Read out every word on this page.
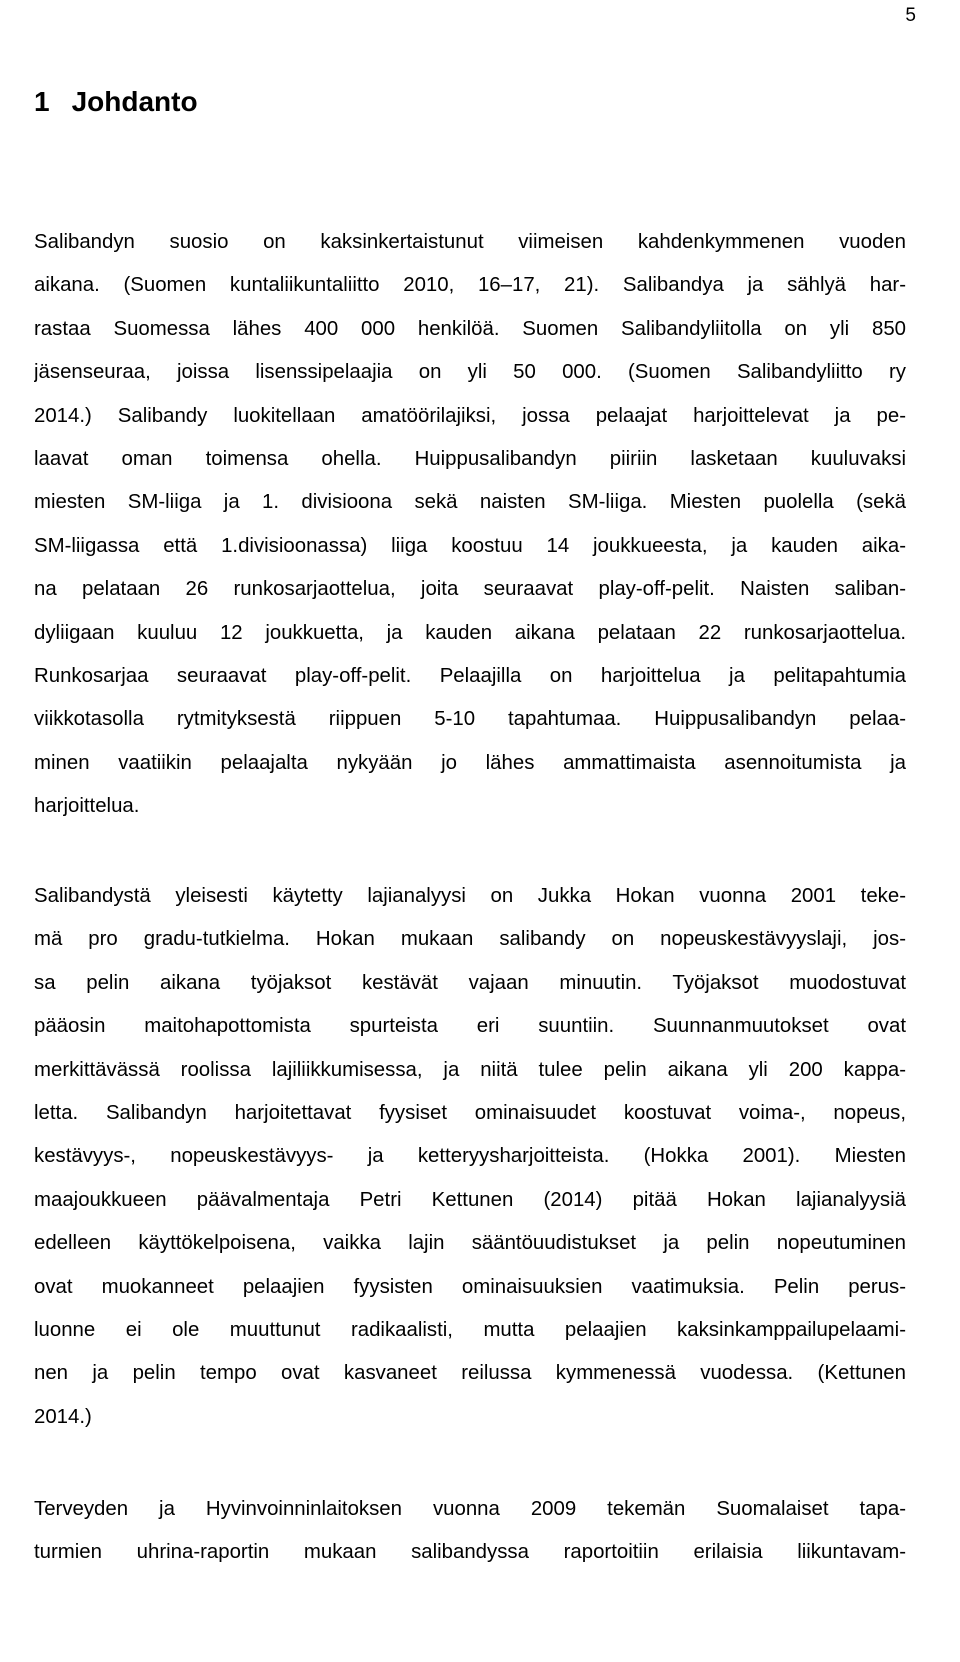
5
1 Johdanto
Salibandyn suosio on kaksinkertaistunut viimeisen kahdenkymmenen vuoden
aikana. (Suomen kuntaliikuntaliitto 2010, 16–17, 21). Salibandya ja sählyä har-
rastaa Suomessa lähes 400 000 henkilöä. Suomen Salibandyliitolla on yli 850
jäsenseuraa, joissa lisenssipelaajia on yli 50 000. (Suomen Salibandyliitto ry
2014.) Salibandy luokitellaan amatöörilajiksi, jossa pelaajat harjoittelevat ja pe-
laavat oman toimensa ohella. Huippusalibandyn piiriin lasketaan kuuluvaksi
miesten SM-liiga ja 1. divisioona sekä naisten SM-liiga. Miesten puolella (sekä
SM-liigassa että 1.divisioonassa) liiga koostuu 14 joukkueesta, ja kauden aika-
na pelataan 26 runkosarjaottelua, joita seuraavat play-off-pelit. Naisten saliban-
dyliigaan kuuluu 12 joukkuetta, ja kauden aikana pelataan 22 runkosarjaottelua.
Runkosarjaa seuraavat play-off-pelit. Pelaajilla on harjoittelua ja pelitapahtumia
viikkotasolla rytmityksestä riippuen 5-10 tapahtumaa. Huippusalibandyn pelaa-
minen vaatiikin pelaajalta nykyään jo lähes ammattimaista asennoitumista ja
harjoittelua.
Salibandystä yleisesti käytetty lajianalyysi on Jukka Hokan vuonna 2001 teke-
mä pro gradu-tutkielma. Hokan mukaan salibandy on nopeuskestävyyslaji, jos-
sa pelin aikana työjaksot kestävät vajaan minuutin. Työjaksot muodostuvat
pääosin maitohapottomista spurteista eri suuntiin. Suunnanmuutokset ovat
merkittävässä roolissa lajiliikkumisessa, ja niitä tulee pelin aikana yli 200 kappa-
letta. Salibandyn harjoitettavat fyysiset ominaisuudet koostuvat voima-, nopeus,
kestävyys-, nopeuskestävyys- ja ketteryysharjoitteista. (Hokka 2001). Miesten
maajoukkueen päävalmentaja Petri Kettunen (2014) pitää Hokan lajianalyysiä
edelleen käyttökelpoisena, vaikka lajin sääntöuudistukset ja pelin nopeutuminen
ovat muokanneet pelaajien fyysisten ominaisuuksien vaatimuksia. Pelin perus-
luonne ei ole muuttunut radikaalisti, mutta pelaajien kaksinkamppailupelaami-
nen ja pelin tempo ovat kasvaneet reilussa kymmenessä vuodessa. (Kettunen
2014.)
Terveyden ja Hyvinvoinninlaitoksen vuonna 2009 tekemän Suomalaiset tapa-
turmien uhrina-raportin mukaan salibandyssa raportoitiin erilaisia liikuntavam-
